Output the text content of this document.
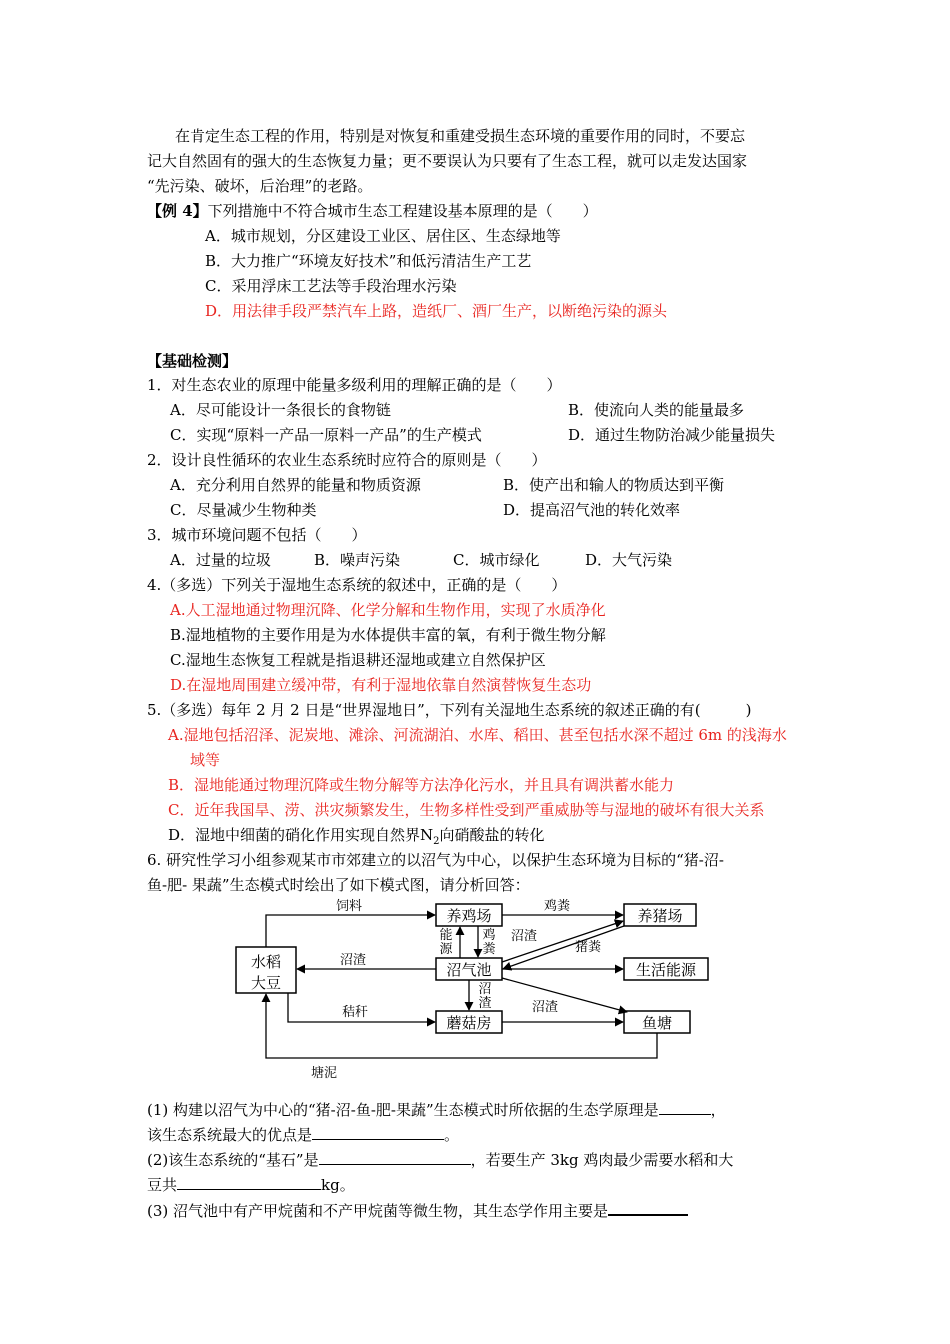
在肯定生态工程的作用，特别是对恢复和重建受损生态环境的重要作用的同时，不要忘
记大自然固有的强大的生态恢复力量；更不要误认为只要有了生态工程，就可以走发达国家
“先污染、破坏，后治理”的老路。
【例 4】下列措施中不符合城市生态工程建设基本原理的是（　　）
A．城市规划，分区建设工业区、居住区、生态绿地等
B．大力推广“环境友好技术”和低污清洁生产工艺
C．采用浮床工艺法等手段治理水污染
D．用法律手段严禁汽车上路，造纸厂、酒厂生产，以断绝污染的源头
【基础检测】
1．对生态农业的原理中能量多级利用的理解正确的是（　　）
A．尽可能设计一条很长的食物链	B．使流向人类的能量最多
C．实现“原料一产品一原料一产品”的生产模式	D．通过生物防治减少能量损失
2．设计良性循环的农业生态系统时应符合的原则是（　　）
A．充分利用自然界的能量和物质资源	B．使产出和输人的物质达到平衡
C．尽量减少生物种类	D．提高沼气池的转化效率
3．城市环境问题不包括（　　）
A．过量的垃圾	B．噪声污染	C．城市绿化	D．大气污染
4.（多选）下列关于湿地生态系统的叙述中，正确的是（　　）
A.人工湿地通过物理沉降、化学分解和生物作用，实现了水质净化
B.湿地植物的主要作用是为水体提供丰富的氧，有利于微生物分解
C.湿地生态恢复工程就是指退耕还湿地或建立自然保护区
D.在湿地周围建立缓冲带，有利于湿地依靠自然演替恢复生态功
5.（多选）每年 2 月 2 日是“世界湿地日”，下列有关湿地生态系统的叙述正确的有(　　　)
A.湿地包括沼泽、泥炭地、滩涂、河流湖泊、水库、稻田、甚至包括水深不超过 6m 的浅海水
域等
B．湿地能通过物理沉降或生物分解等方法净化污水，并且具有调洪蓄水能力
C．近年我国旱、涝、洪灾频繁发生，生物多样性受到严重威胁等与湿地的破坏有很大关系
D．湿地中细菌的硝化作用实现自然界$N_2$向硝酸盐的转化
6. 研究性学习小组参观某市市郊建立的以沼气为中心，以保护生态环境为目标的“猪-沼-
鱼-肥- 果蔬”生态模式时绘出了如下模式图，请分析回答：
养鸡场	养猪场
水稻
大豆
沼气池	生活能源
蘑菇房	鱼塘
饲料	鸡粪
能
源
鸡
粪
沼渣
猪粪
沼渣
秸秆
沼
渣	沼渣
塘泥
(1) 构建以沼气为中心的“猪-沼-鱼-肥-果蔬”生态模式时所依据的生态学原理是	，
该生态系统最大的优点是	。
(2)该生态系统的“基石”是	，若要生产 3kg 鸡肉最少需要水稻和大
豆共	kg。
(3) 沼气池中有产甲烷菌和不产甲烷菌等微生物，其生态学作用主要是
